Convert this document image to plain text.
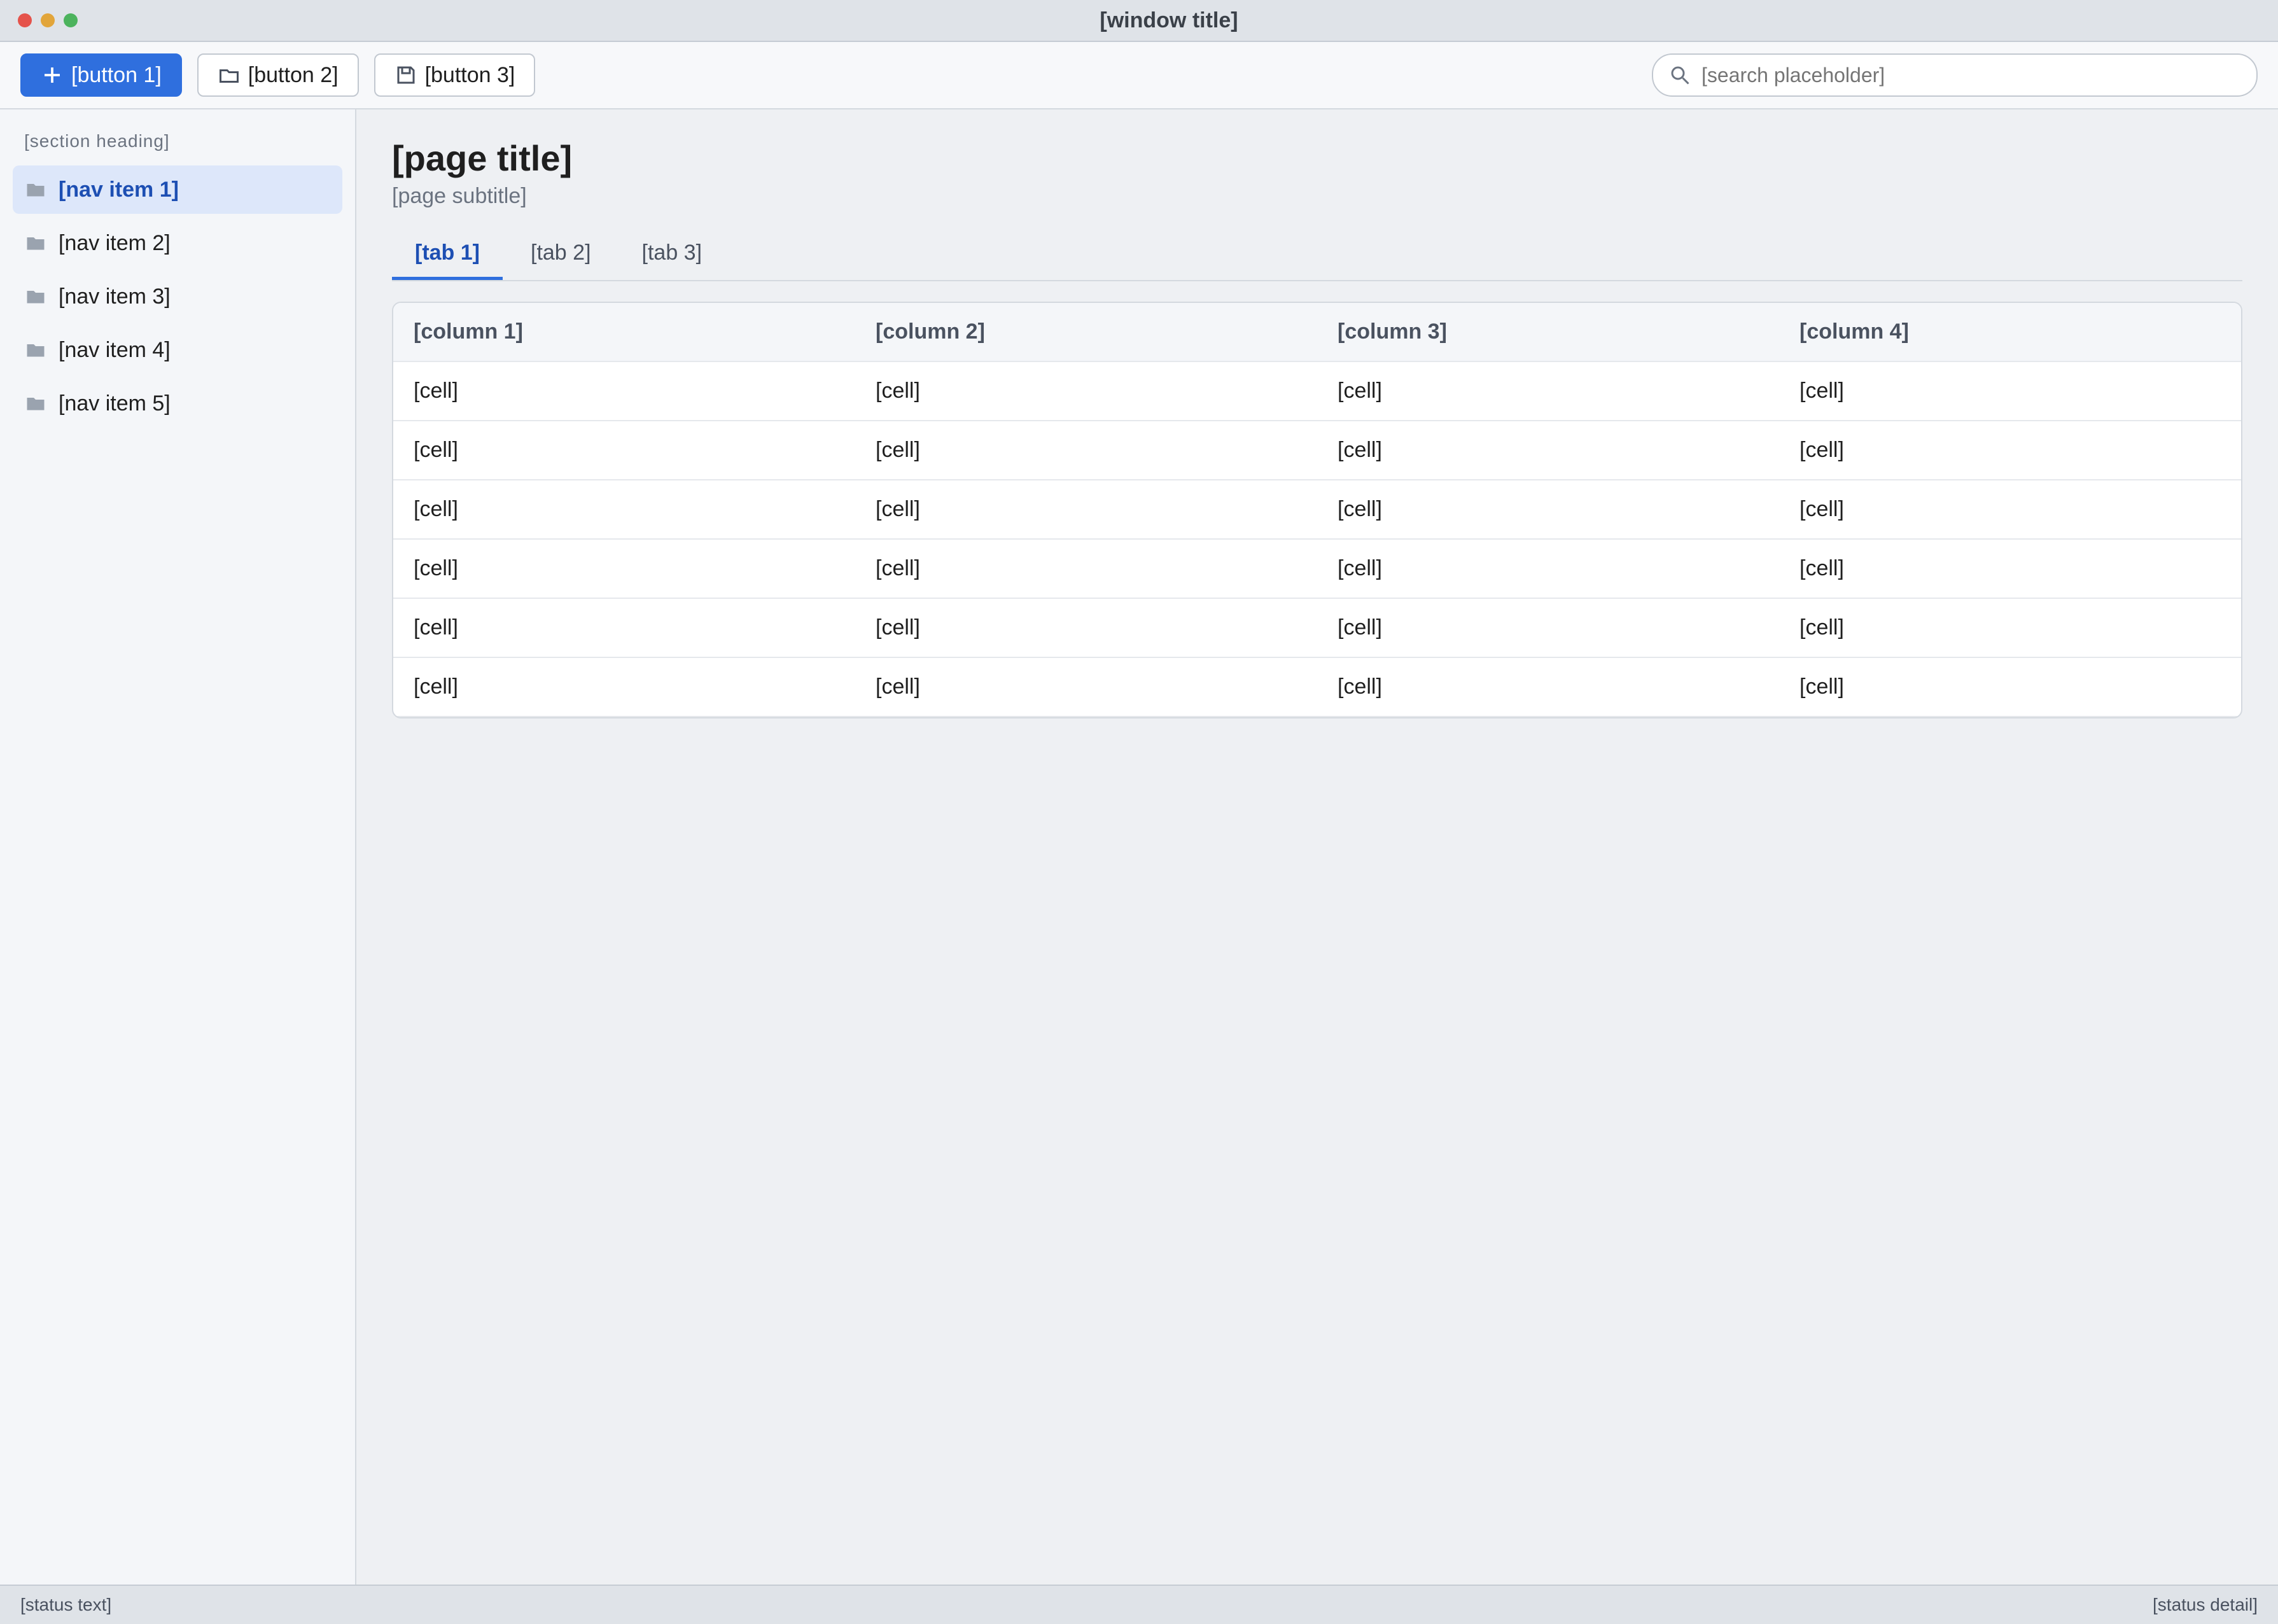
[window title]
[button 1]	[button 2]	[button 3]
[search placeholder]
[section heading]
[nav item 1]
[nav item 2]
[nav item 3]
[nav item 4]
[nav item 5]
[page title]
[page subtitle]
[tab 1]	[tab 2]	[tab 3]
[column 1]	[column 2]	[column 3]	[column 4]
[cell]	[cell]	[cell]	[cell]
[cell]	[cell]	[cell]	[cell]
[cell]	[cell]	[cell]	[cell]
[cell]	[cell]	[cell]	[cell]
[cell]	[cell]	[cell]	[cell]
[cell]	[cell]	[cell]	[cell]
[status text]	[status detail]
